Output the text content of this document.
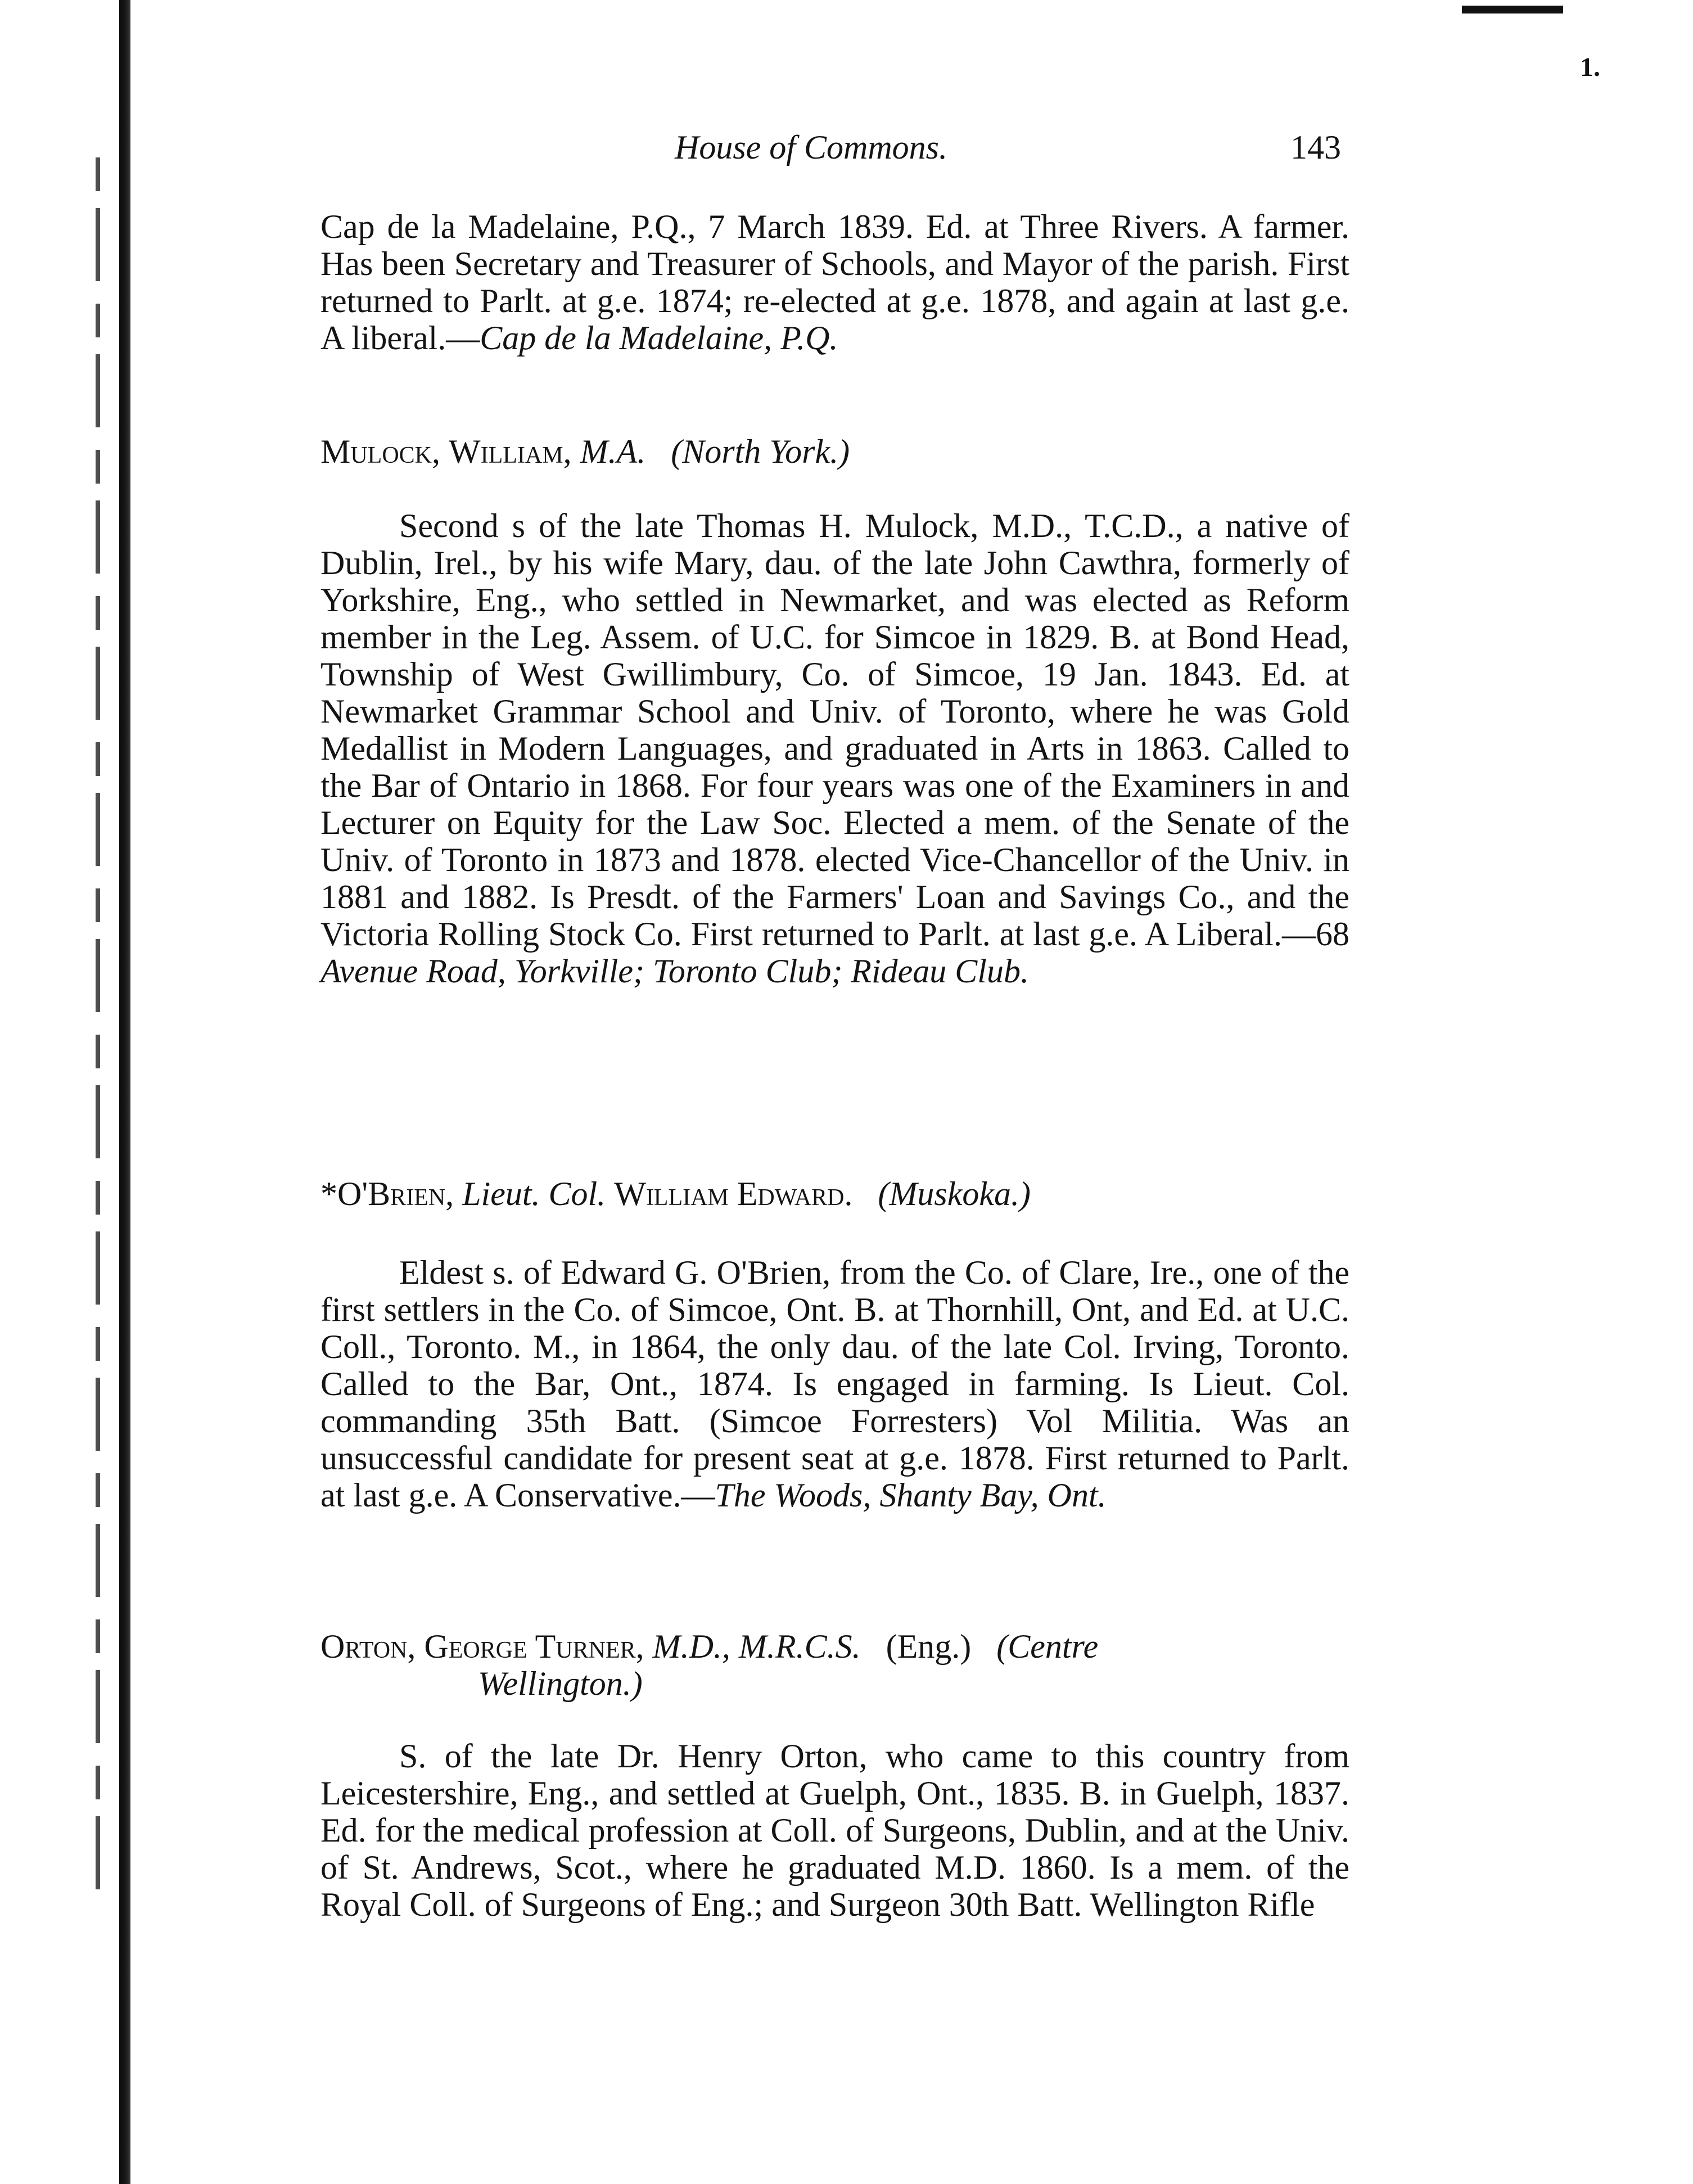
1.
House of Commons.	143

Cap de la Madelaine, P.Q., 7 March 1839. Ed. at Three Rivers. A farmer. Has been Secretary and Treasurer of Schools, and Mayor of the parish. First returned to Parlt. at g.e. 1874; re-elected at g.e. 1878, and again at last g.e. A liberal.—Cap de la Madelaine, P.Q.

Mulock, William, M.A. (North York.)

Second s of the late Thomas H. Mulock, M.D., T.C.D., a native of Dublin, Irel., by his wife Mary, dau. of the late John Cawthra, formerly of Yorkshire, Eng., who settled in Newmarket, and was elected as Reform member in the Leg. Assem. of U.C. for Simcoe in 1829. B. at Bond Head, Township of West Gwillimbury, Co. of Simcoe, 19 Jan. 1843. Ed. at Newmarket Grammar School and Univ. of Toronto, where he was Gold Medallist in Modern Languages, and graduated in Arts in 1863. Called to the Bar of Ontario in 1868. For four years was one of the Examiners in and Lecturer on Equity for the Law Soc. Elected a mem. of the Senate of the Univ. of Toronto in 1873 and 1878. elected Vice-Chancellor of the Univ. in 1881 and 1882. Is Presdt. of the Farmers' Loan and Savings Co., and the Victoria Rolling Stock Co. First returned to Parlt. at last g.e. A Liberal.—68 Avenue Road, Yorkville; Toronto Club; Rideau Club.

*O'Brien, Lieut. Col. William Edward. (Muskoka.)

Eldest s. of Edward G. O'Brien, from the Co. of Clare, Ire., one of the first settlers in the Co. of Simcoe, Ont. B. at Thornhill, Ont, and Ed. at U.C. Coll., Toronto. M., in 1864, the only dau. of the late Col. Irving, Toronto. Called to the Bar, Ont., 1874. Is engaged in farming. Is Lieut. Col. commanding 35th Batt. (Simcoe Forresters) Vol Militia. Was an unsuccessful candidate for present seat at g.e. 1878. First returned to Parlt. at last g.e. A Conservative.—The Woods, Shanty Bay, Ont.

Orton, George Turner, M.D., M.R.C.S. (Eng.) (Centre

Wellington.)

S. of the late Dr. Henry Orton, who came to this country from Leicestershire, Eng., and settled at Guelph, Ont., 1835. B. in Guelph, 1837. Ed. for the medical profession at Coll. of Surgeons, Dublin, and at the Univ. of St. Andrews, Scot., where he graduated M.D. 1860. Is a mem. of the Royal Coll. of Surgeons of Eng.; and Surgeon 30th Batt. Wellington Rifle
